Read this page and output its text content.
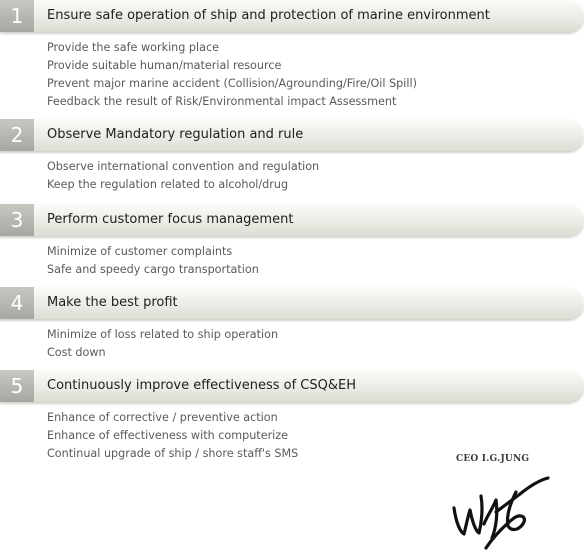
1	Ensure safe operation of ship and protection of marine environment
Provide the safe working place
Provide suitable human/material resource
Prevent major marine accident (Collision/Agrounding/Fire/Oil Spill)
Feedback the result of Risk/Environmental impact Assessment
2	Observe Mandatory regulation and rule
Observe international convention and regulation
Keep the regulation related to alcohol/drug
3	Perform customer focus management
Minimize of customer complaints
Safe and speedy cargo transportation
4	Make the best profit
Minimize of loss related to ship operation
Cost down
5	Continuously improve effectiveness of CSQ&EH
Enhance of corrective / preventive action
Enhance of effectiveness with computerize
Continual upgrade of ship / shore staff's SMS	CEO I.G.JUNG
